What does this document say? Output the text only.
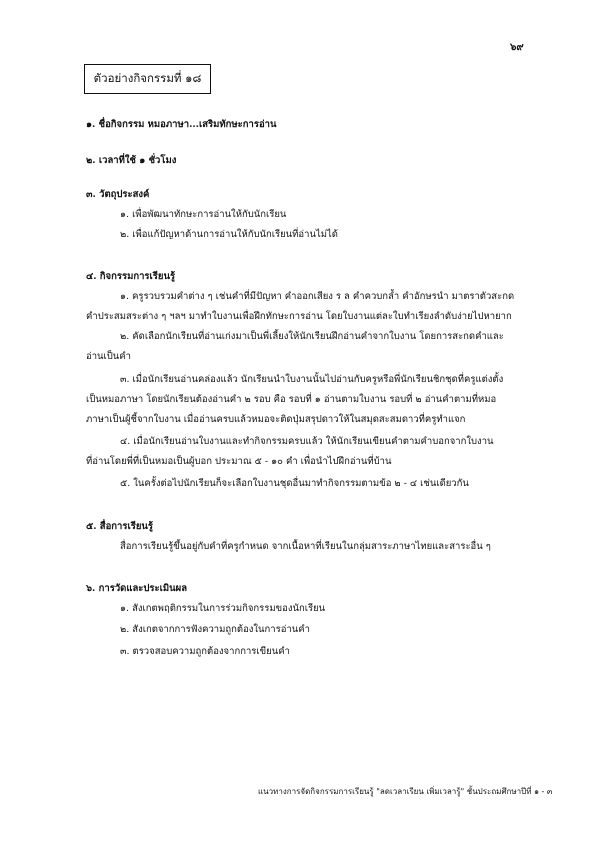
๖๙
ตัวอย่างกิจกรรมที่ ๑๘
๑. ชื่อกิจกรรม หมอภาษา...เสริมทักษะการอ่าน
๒. เวลาที่ใช้ ๑ ชั่วโมง
๓. วัตถุประสงค์
๑. เพื่อพัฒนาทักษะการอ่านให้กับนักเรียน
๒. เพื่อแก้ปัญหาด้านการอ่านให้กับนักเรียนที่อ่านไม่ได้
๔. กิจกรรมการเรียนรู้
๑. ครูรวบรวมคำต่าง ๆ เช่นคำที่มีปัญหา คำออกเสียง ร ล คำควบกล้ำ คำอักษรนำ มาตราตัวสะกด
คำประสมสระต่าง ๆ ฯลฯ มาทำใบงานเพื่อฝึกทักษะการอ่าน โดยใบงานแต่ละใบทำเรียงลำดับง่ายไปหายาก
๒. คัดเลือกนักเรียนที่อ่านเก่งมาเป็นพี่เลี้ยงให้นักเรียนฝึกอ่านคำจากใบงาน โดยการสะกดคำและ
อ่านเป็นคำ
๓. เมื่อนักเรียนอ่านคล่องแล้ว นักเรียนนำใบงานนั้นไปอ่านกับครูหรือพี่นักเรียนชิกชุดที่ครูแต่งตั้ง
เป็นหมอภาษา โดยนักเรียนต้องอ่านคำ ๒ รอบ คือ รอบที่ ๑ อ่านตามใบงาน รอบที่ ๒ อ่านคำตามที่หมอ
ภาษาเป็นผู้ชี้จากใบงาน เมื่ออ่านครบแล้วหมอจะติดปุ่มสรุปดาวให้ในสมุดสะสมดาวที่ครูทำแจก
๔. เมื่อนักเรียนอ่านใบงานและทำกิจกรรมครบแล้ว ให้นักเรียนเขียนคำตามคำบอกจากใบงาน
ที่อ่านโดยพี่ที่เป็นหมอเป็นผู้บอก ประมาณ ๕ - ๑๐ คำ เพื่อนำไปฝึกอ่านที่บ้าน
๕. ในครั้งต่อไปนักเรียนก็จะเลือกใบงานชุดอื่นมาทำกิจกรรมตามข้อ ๒ - ๔ เช่นเดียวกัน
๕. สื่อการเรียนรู้
สื่อการเรียนรู้ขึ้นอยู่กับคำที่ครูกำหนด จากเนื้อหาที่เรียนในกลุ่มสาระภาษาไทยและสาระอื่น ๆ
๖. การวัดและประเมินผล
๑. สังเกตพฤติกรรมในการร่วมกิจกรรมของนักเรียน
๒. สังเกตจากการฟังความถูกต้องในการอ่านคำ
๓. ตรวจสอบความถูกต้องจากการเขียนคำ
แนวทางการจัดกิจกรรมการเรียนรู้ "ลดเวลาเรียน เพิ่มเวลารู้" ชั้นประถมศึกษาปีที่ ๑ - ๓
